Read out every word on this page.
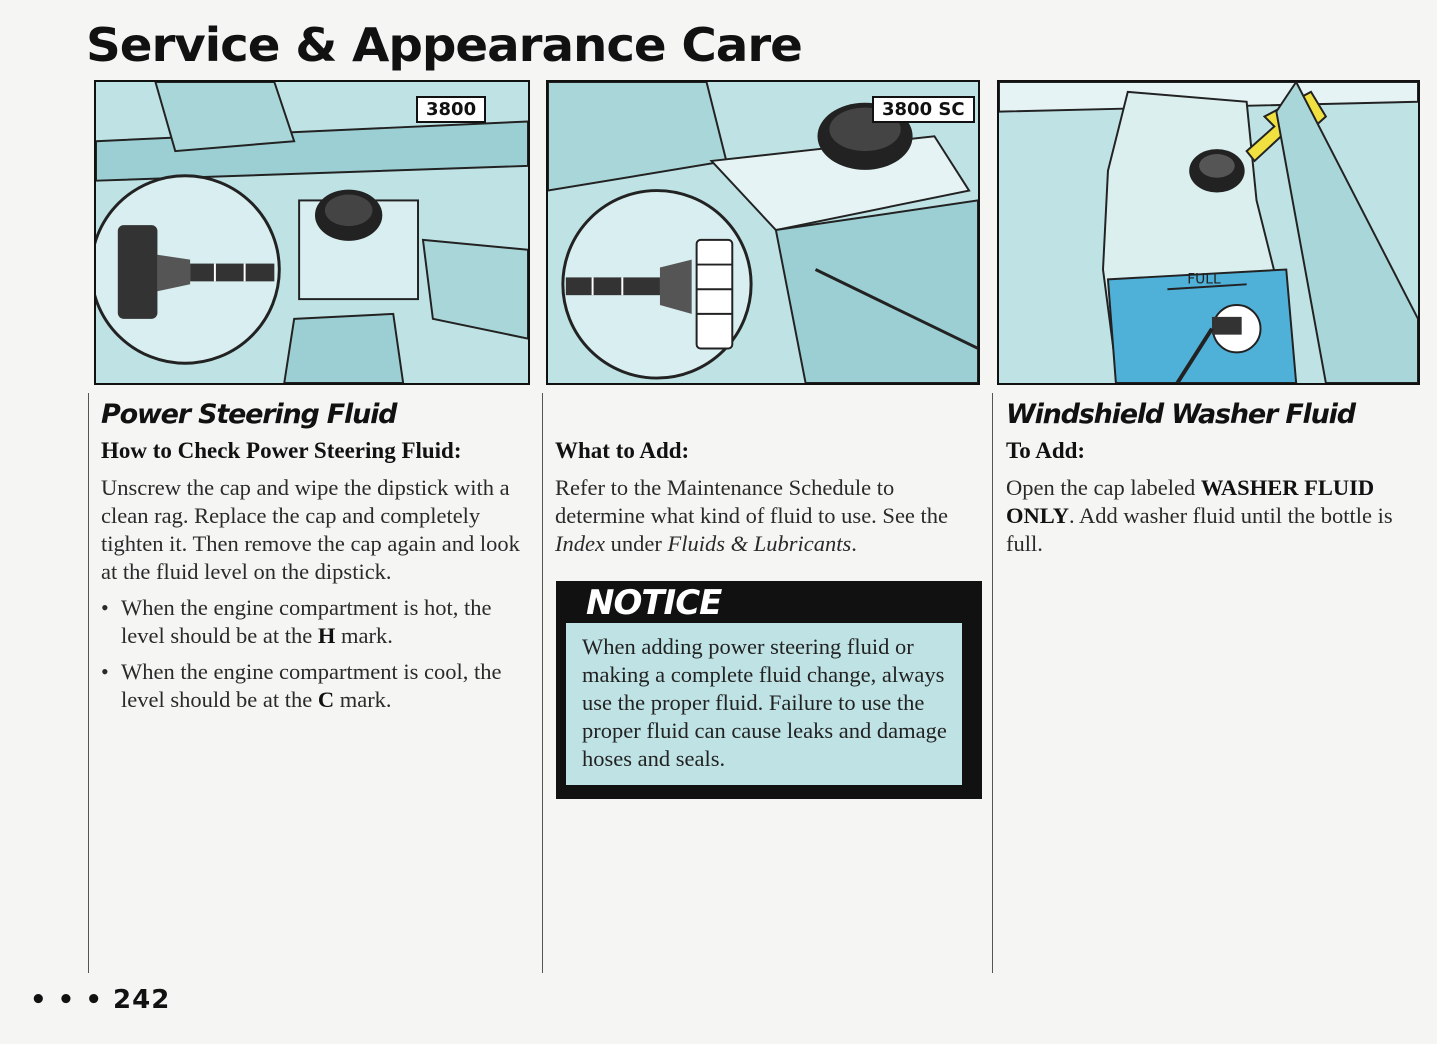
Service & Appearance Care
3800	3800 SC
FULL
Power Steering Fluid
How to Check Power Steering Fluid:

Unscrew the cap and wipe the dipstick with a clean rag. Replace the cap and completely tighten it. Then remove the cap again and look at the fluid level on the dipstick.

• When the engine compartment is hot, the level should be at the H mark.
• When the engine compartment is cool, the level should be at the C mark.
What to Add:

Refer to the Maintenance Schedule to determine what kind of fluid to use. See the Index under Fluids & Lubricants.

NOTICE
When adding power steering fluid or making a complete fluid change, always use the proper fluid. Failure to use the proper fluid can cause leaks and damage hoses and seals.
Windshield Washer Fluid
To Add:

Open the cap labeled WASHER FLUID ONLY. Add washer fluid until the bottle is full.

• • • 242
